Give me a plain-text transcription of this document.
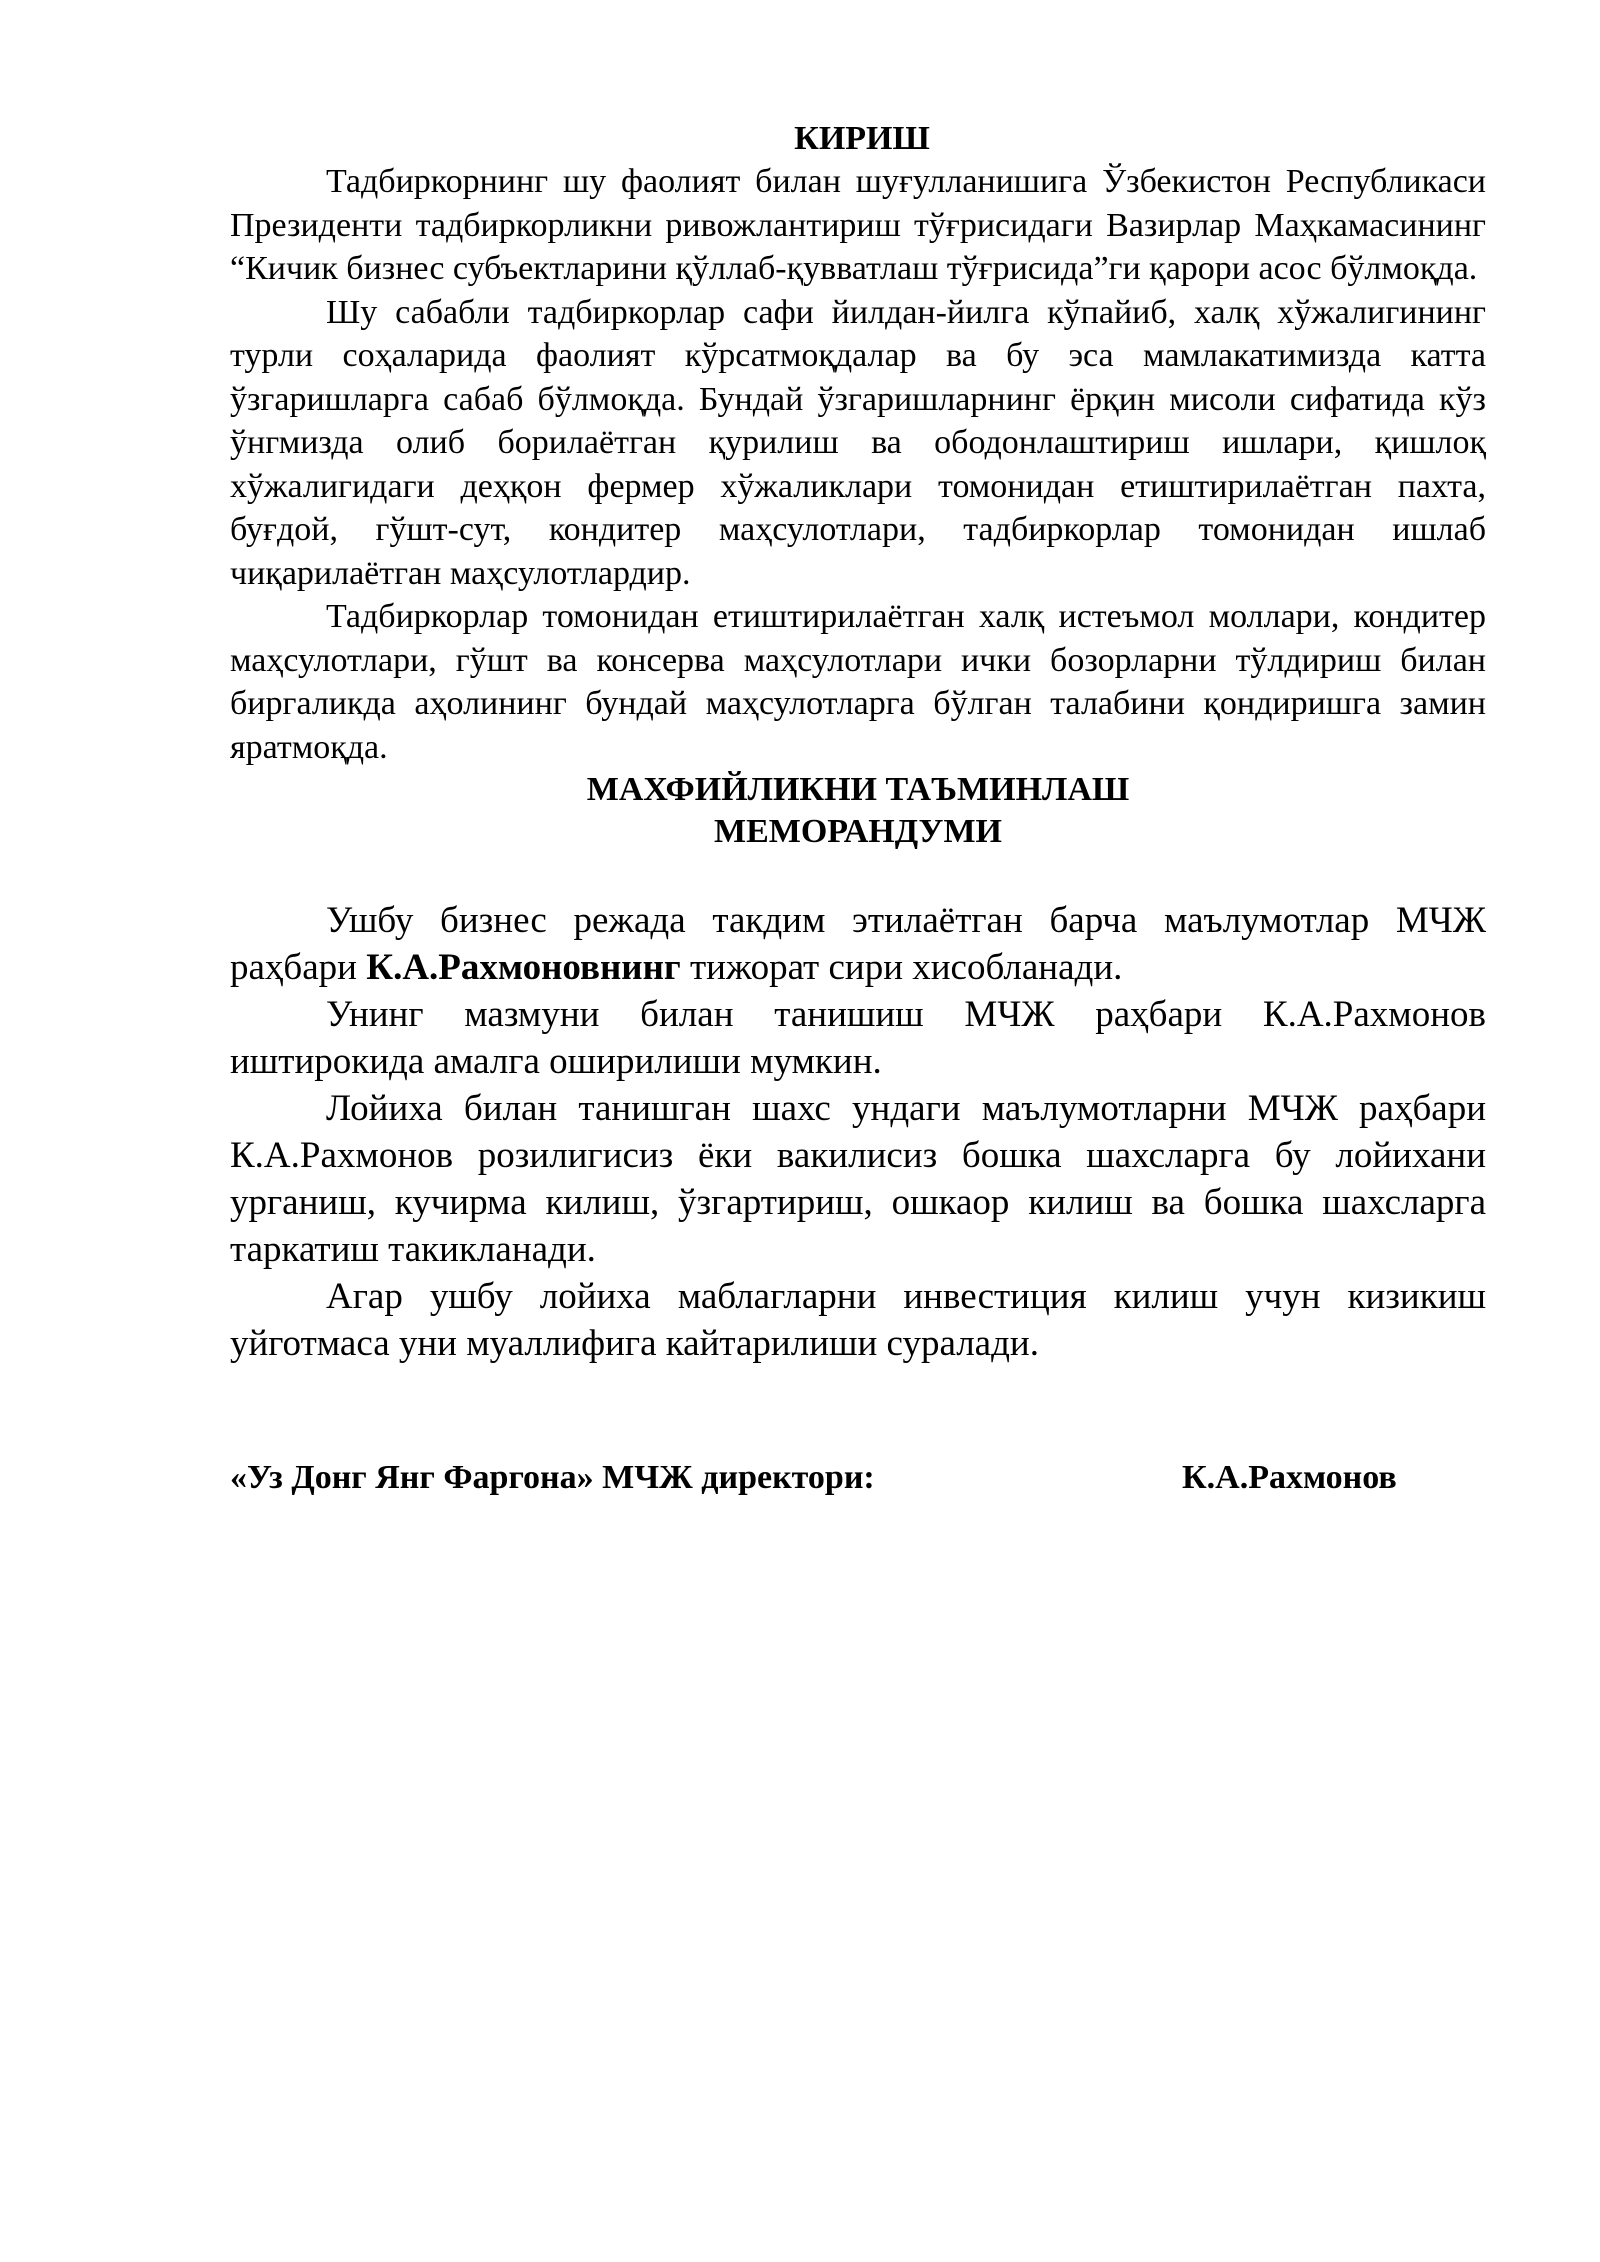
КИРИШ

Тадбиркорнинг шу фаолият билан шуғулланишига Ўзбекистон Республикаси Президенти тадбиркорликни ривожлантириш тўғрисидаги Вазирлар Маҳкамасининг “Кичик бизнес субъектларини қўллаб-қувватлаш тўғрисида”ги қарори асос бўлмоқда.

Шу сабабли тадбиркорлар сафи йилдан-йилга кўпайиб, халқ хўжалигининг турли соҳаларида фаолият кўрсатмоқдалар ва бу эса мамлакатимизда катта ўзгаришларга сабаб бўлмоқда. Бундай ўзгаришларнинг ёрқин мисоли сифатида кўз ўнгмизда олиб борилаётган қурилиш ва ободонлаштириш ишлари, қишлоқ хўжалигидаги деҳқон фермер хўжаликлари томонидан етиштирилаётган пахта, буғдой, гўшт-сут, кондитер маҳсулотлари, тадбиркорлар томонидан ишлаб чиқарилаётган маҳсулотлардир.

Тадбиркорлар томонидан етиштирилаётган халқ истеъмол моллари, кондитер маҳсулотлари, гўшт ва консерва маҳсулотлари ички бозорларни тўлдириш билан биргаликда аҳолининг бундай маҳсулотларга бўлган талабини қондиришга замин яратмоқда.

МАХФИЙЛИКНИ ТАЪМИНЛАШ
МЕМОРАНДУМИ

Ушбу бизнес режада такдим этилаётган барча маълумотлар МЧЖ раҳбари К.А.Рахмоновнинг тижорат сири хисобланади.

Унинг мазмуни билан танишиш МЧЖ раҳбари К.А.Рахмонов иштирокида амалга оширилиши мумкин.

Лойиха билан танишган шахс ундаги маълумотларни МЧЖ раҳбари К.А.Рахмонов розилигисиз ёки вакилисиз бошка шахсларга бу лойихани урганиш, кучирма килиш, ўзгартириш, ошкаор килиш ва бошка шахсларга таркатиш такикланади.

Агар ушбу лойиха маблагларни инвестиция килиш учун кизикиш уйготмаса уни муаллифига кайтарилиши суралади.

«Уз Донг Янг Фаргона» МЧЖ директори:	К.А.Рахмонов
